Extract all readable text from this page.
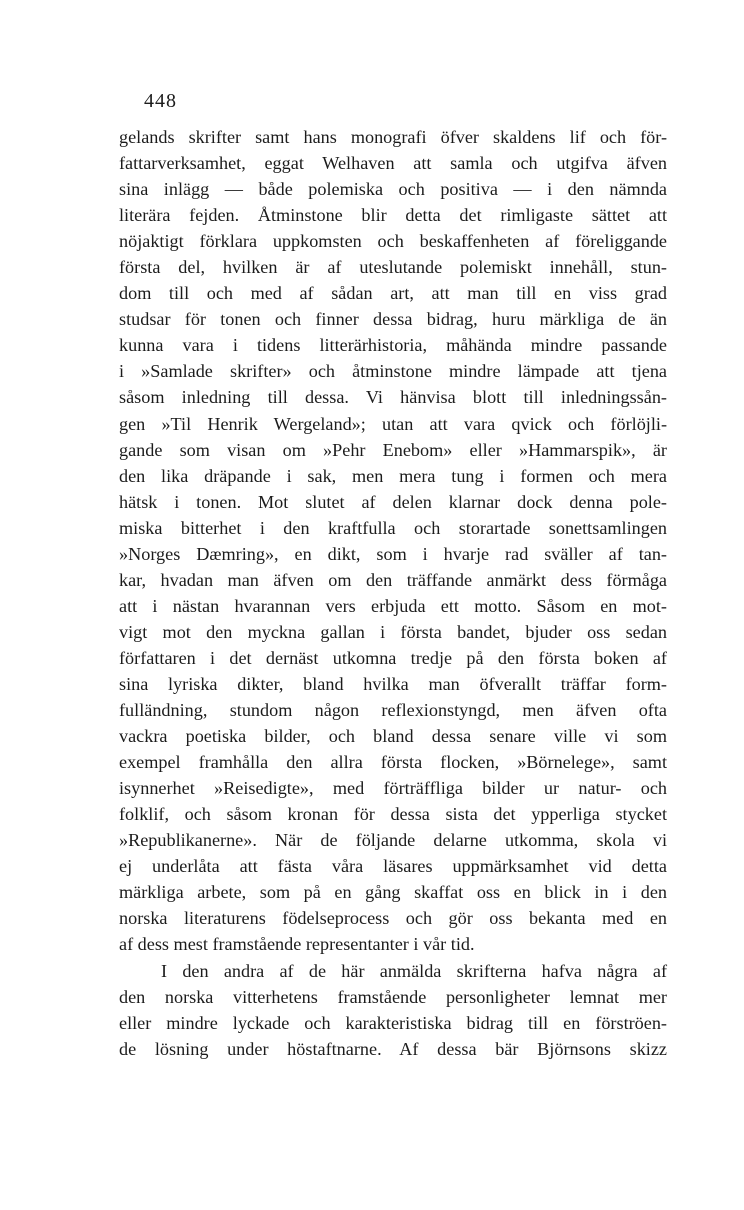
448
gelands skrifter samt hans monografi öfver skaldens lif och för-
fattarverksamhet, eggat Welhaven att samla och utgifva äfven
sina inlägg — både polemiska och positiva — i den nämnda
literära fejden. Åtminstone blir detta det rimligaste sättet att
nöjaktigt förklara uppkomsten och beskaffenheten af föreliggande
första del, hvilken är af uteslutande polemiskt innehåll, stun-
dom till och med af sådan art, att man till en viss grad
studsar för tonen och finner dessa bidrag, huru märkliga de än
kunna vara i tidens litterärhistoria, måhända mindre passande
i »Samlade skrifter» och åtminstone mindre lämpade att tjena
såsom inledning till dessa. Vi hänvisa blott till inledningssån-
gen »Til Henrik Wergeland»; utan att vara qvick och förlöjli-
gande som visan om »Pehr Enebom» eller »Hammarspik», är
den lika dräpande i sak, men mera tung i formen och mera
hätsk i tonen. Mot slutet af delen klarnar dock denna pole-
miska bitterhet i den kraftfulla och storartade sonettsamlingen
»Norges Dæmring», en dikt, som i hvarje rad sväller af tan-
kar, hvadan man äfven om den träffande anmärkt dess förmåga
att i nästan hvarannan vers erbjuda ett motto. Såsom en mot-
vigt mot den myckna gallan i första bandet, bjuder oss sedan
författaren i det dernäst utkomna tredje på den första boken af
sina lyriska dikter, bland hvilka man öfverallt träffar form-
fulländning, stundom någon reflexionstyngd, men äfven ofta
vackra poetiska bilder, och bland dessa senare ville vi som
exempel framhålla den allra första flocken, »Börnelege», samt
isynnerhet »Reisedigte», med förträffliga bilder ur natur- och
folklif, och såsom kronan för dessa sista det ypperliga stycket
»Republikanerne». När de följande delarne utkomma, skola vi
ej underlåta att fästa våra läsares uppmärksamhet vid detta
märkliga arbete, som på en gång skaffat oss en blick in i den
norska literaturens födelseprocess och gör oss bekanta med en
af dess mest framstående representanter i vår tid.
I den andra af de här anmälda skrifterna hafva några af
den norska vitterhetens framstående personligheter lemnat mer
eller mindre lyckade och karakteristiska bidrag till en förströen-
de lösning under höstaftnarne. Af dessa bär Björnsons skizz
